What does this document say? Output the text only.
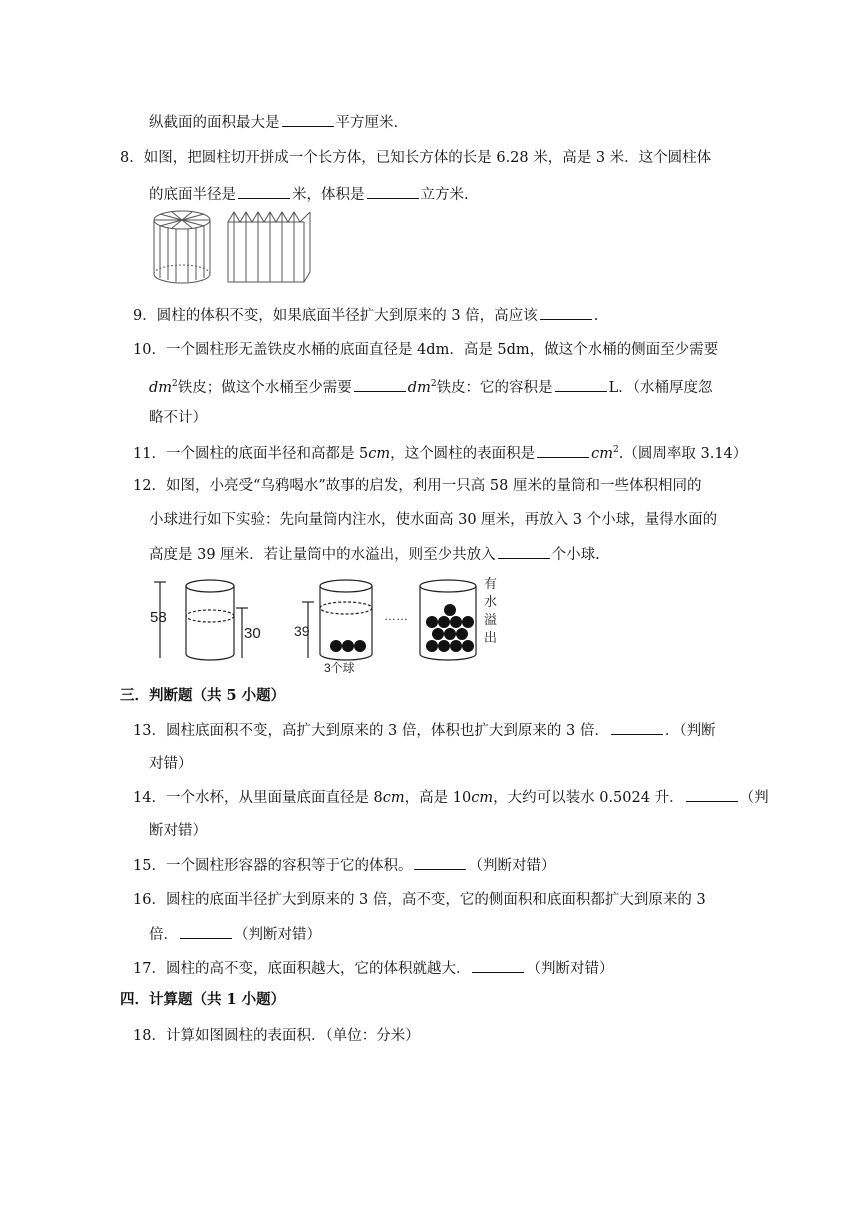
纵截面的面积最大是	平方厘米.
8．如图，把圆柱切开拼成一个长方体，已知长方体的长是 6.28 米，高是 3 米．这个圆柱体
的底面半径是	米，体积是	立方米.
9．圆柱的体积不变，如果底面半径扩大到原来的 3 倍，高应该	.
10．一个圆柱形无盖铁皮水桶的底面直径是 4dm．高是 5dm，做这个水桶的侧面至少需要
$dm^2$铁皮；做这个水桶至少需要	$dm^2$铁皮：它的容积是	L．（水桶厚度忽
略不计）
11．一个圆柱的底面半径和高都是 5cm，这个圆柱的表面积是	$cm^2$.（圆周率取 3.14）
12．如图，小亮受“乌鸦喝水”故事的启发，利用一只高 58 厘米的量筒和一些体积相同的
小球进行如下实验：先向量筒内注水，使水面高 30 厘米，再放入 3 个小球，量得水面的
高度是 39 厘米．若让量筒中的水溢出，则至少共放入	个小球.
58
30 39
3个球
……
有
水
溢
出
三．判断题（共 5 小题）
13．圆柱底面积不变，高扩大到原来的 3 倍，体积也扩大到原来的 3 倍．	．（判断
对错）
14．一个水杯，从里面量底面直径是 8cm，高是 10cm，大约可以装水 0.5024 升．	（判
断对错）
15．一个圆柱形容器的容积等于它的体积。	（判断对错）
16．圆柱的底面半径扩大到原来的 3 倍，高不变，它的侧面积和底面积都扩大到原来的 3
倍．	（判断对错）
17．圆柱的高不变，底面积越大，它的体积就越大．	（判断对错）
四．计算题（共 1 小题）
18．计算如图圆柱的表面积．（单位：分米）
